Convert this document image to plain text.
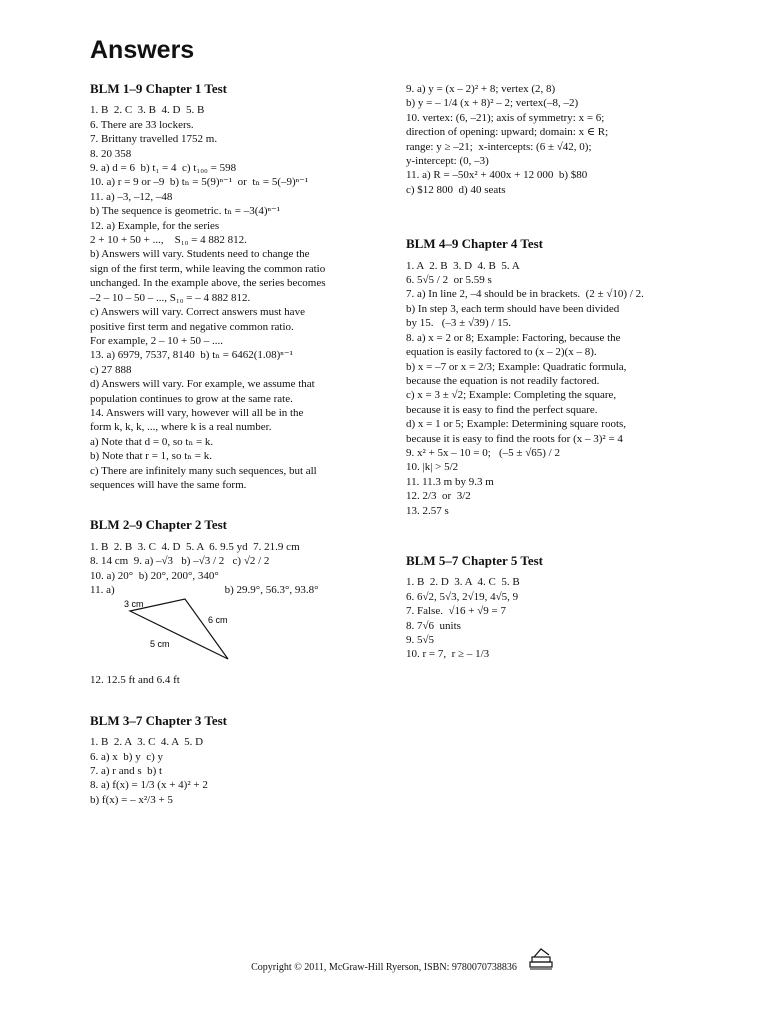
Answers
BLM 1–9 Chapter 1 Test
1. B  2. C  3. B  4. D  5. B
6. There are 33 lockers.
7. Brittany travelled 1752 m.
8. 20 358
9. a) d = 6  b) t₁ = 4  c) t₁₀₀ = 598
10. a) r = 9 or –9  b) tₙ = 5(9)ⁿ⁻¹  or  tₙ = 5(–9)ⁿ⁻¹
11. a) –3, –12, –48
b) The sequence is geometric. tₙ = –3(4)ⁿ⁻¹
12. a) Example, for the series
2 + 10 + 50 + ...,    S₁₀ = 4 882 812.
b) Answers will vary. Students need to change the
sign of the first term, while leaving the common ratio
unchanged. In the example above, the series becomes
–2 – 10 – 50 – ..., S₁₀ = – 4 882 812.
c) Answers will vary. Correct answers must have
positive first term and negative common ratio.
For example, 2 – 10 + 50 – ....
13. a) 6979, 7537, 8140  b) tₙ = 6462(1.08)ⁿ⁻¹
c) 27 888
d) Answers will vary. For example, we assume that
population continues to grow at the same rate.
14. Answers will vary, however will all be in the
form k, k, k, ..., where k is a real number.
a) Note that d = 0, so tₙ = k.
b) Note that r = 1, so tₙ = k.
c) There are infinitely many such sequences, but all
sequences will have the same form.
BLM 2–9 Chapter 2 Test
1. B  2. B  3. C  4. D  5. A  6. 9.5 yd  7. 21.9 cm
8. 14 cm  9. a) –√3   b) –√3 / 2   c) √2 / 2
10. a) 20°  b) 20°, 200°, 340°
11. a)                                        b) 29.9°, 56.3°, 93.8°
3 cm
6 cm
5 cm
12. 12.5 ft and 6.4 ft
BLM 3–7 Chapter 3 Test
1. B  2. A  3. C  4. A  5. D
6. a) x  b) y  c) y
7. a) r and s  b) t
8. a) f(x) = 1/3 (x + 4)² + 2
b) f(x) = – x²/3 + 5
9. a) y = (x – 2)² + 8; vertex (2, 8)
b) y = – 1/4 (x + 8)² – 2; vertex(–8, –2)
10. vertex: (6, –21); axis of symmetry: x = 6;
direction of opening: upward; domain: x ∈ R;
range: y ≥ –21;  x-intercepts: (6 ± √42, 0);
y-intercept: (0, –3)
11. a) R = –50x² + 400x + 12 000  b) $80
c) $12 800  d) 40 seats
BLM 4–9 Chapter 4 Test
1. A  2. B  3. D  4. B  5. A
6. 5√5 / 2  or 5.59 s
7. a) In line 2, –4 should be in brackets.  (2 ± √10) / 2.
b) In step 3, each term should have been divided
by 15.   (–3 ± √39) / 15.
8. a) x = 2 or 8; Example: Factoring, because the
equation is easily factored to (x – 2)(x – 8).
b) x = –7 or x = 2/3; Example: Quadratic formula,
because the equation is not readily factored.
c) x = 3 ± √2; Example: Completing the square,
because it is easy to find the perfect square.
d) x = 1 or 5; Example: Determining square roots,
because it is easy to find the roots for (x – 3)² = 4
9. x² + 5x – 10 = 0;   (–5 ± √65) / 2
10. |k| > 5/2
11. 11.3 m by 9.3 m
12. 2/3  or  3/2
13. 2.57 s
BLM 5–7 Chapter 5 Test
1. B  2. D  3. A  4. C  5. B
6. 6√2, 5√3, 2√19, 4√5, 9
7. False.  √16 + √9 = 7
8. 7√6  units
9. 5√5
10. r = 7,  r ≥ – 1/3
Copyright © 2011, McGraw-Hill Ryerson, ISBN: 9780070738836
